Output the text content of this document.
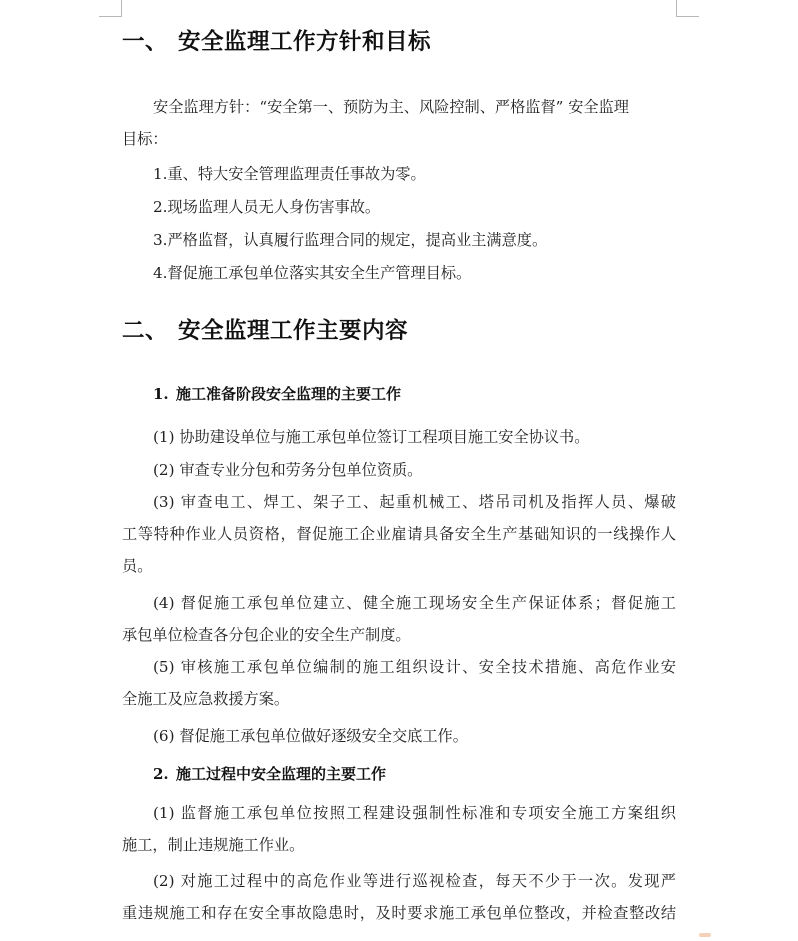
一、 安全监理工作方针和目标
安全监理方针：“安全第一、预防为主、风险控制、严格监督” 安全监理
目标：
1.重、特大安全管理监理责任事故为零。
2.现场监理人员无人身伤害事故。
3.严格监督，认真履行监理合同的规定，提高业主满意度。
4.督促施工承包单位落实其安全生产管理目标。
二、 安全监理工作主要内容
1. 施工准备阶段安全监理的主要工作
(1) 协助建设单位与施工承包单位签订工程项目施工安全协议书。
(2) 审查专业分包和劳务分包单位资质。
(3) 审查电工、焊工、架子工、起重机械工、塔吊司机及指挥人员、爆破
工等特种作业人员资格，督促施工企业雇请具备安全生产基础知识的一线操作人
员。
(4) 督促施工承包单位建立、健全施工现场安全生产保证体系；督促施工
承包单位检查各分包企业的安全生产制度。
(5) 审核施工承包单位编制的施工组织设计、安全技术措施、高危作业安
全施工及应急救援方案。
(6) 督促施工承包单位做好逐级安全交底工作。
2. 施工过程中安全监理的主要工作
(1) 监督施工承包单位按照工程建设强制性标准和专项安全施工方案组织
施工，制止违规施工作业。
(2) 对施工过程中的高危作业等进行巡视检查，每天不少于一次。发现严
重违规施工和存在安全事故隐患时，及时要求施工承包单位整改，并检查整改结
